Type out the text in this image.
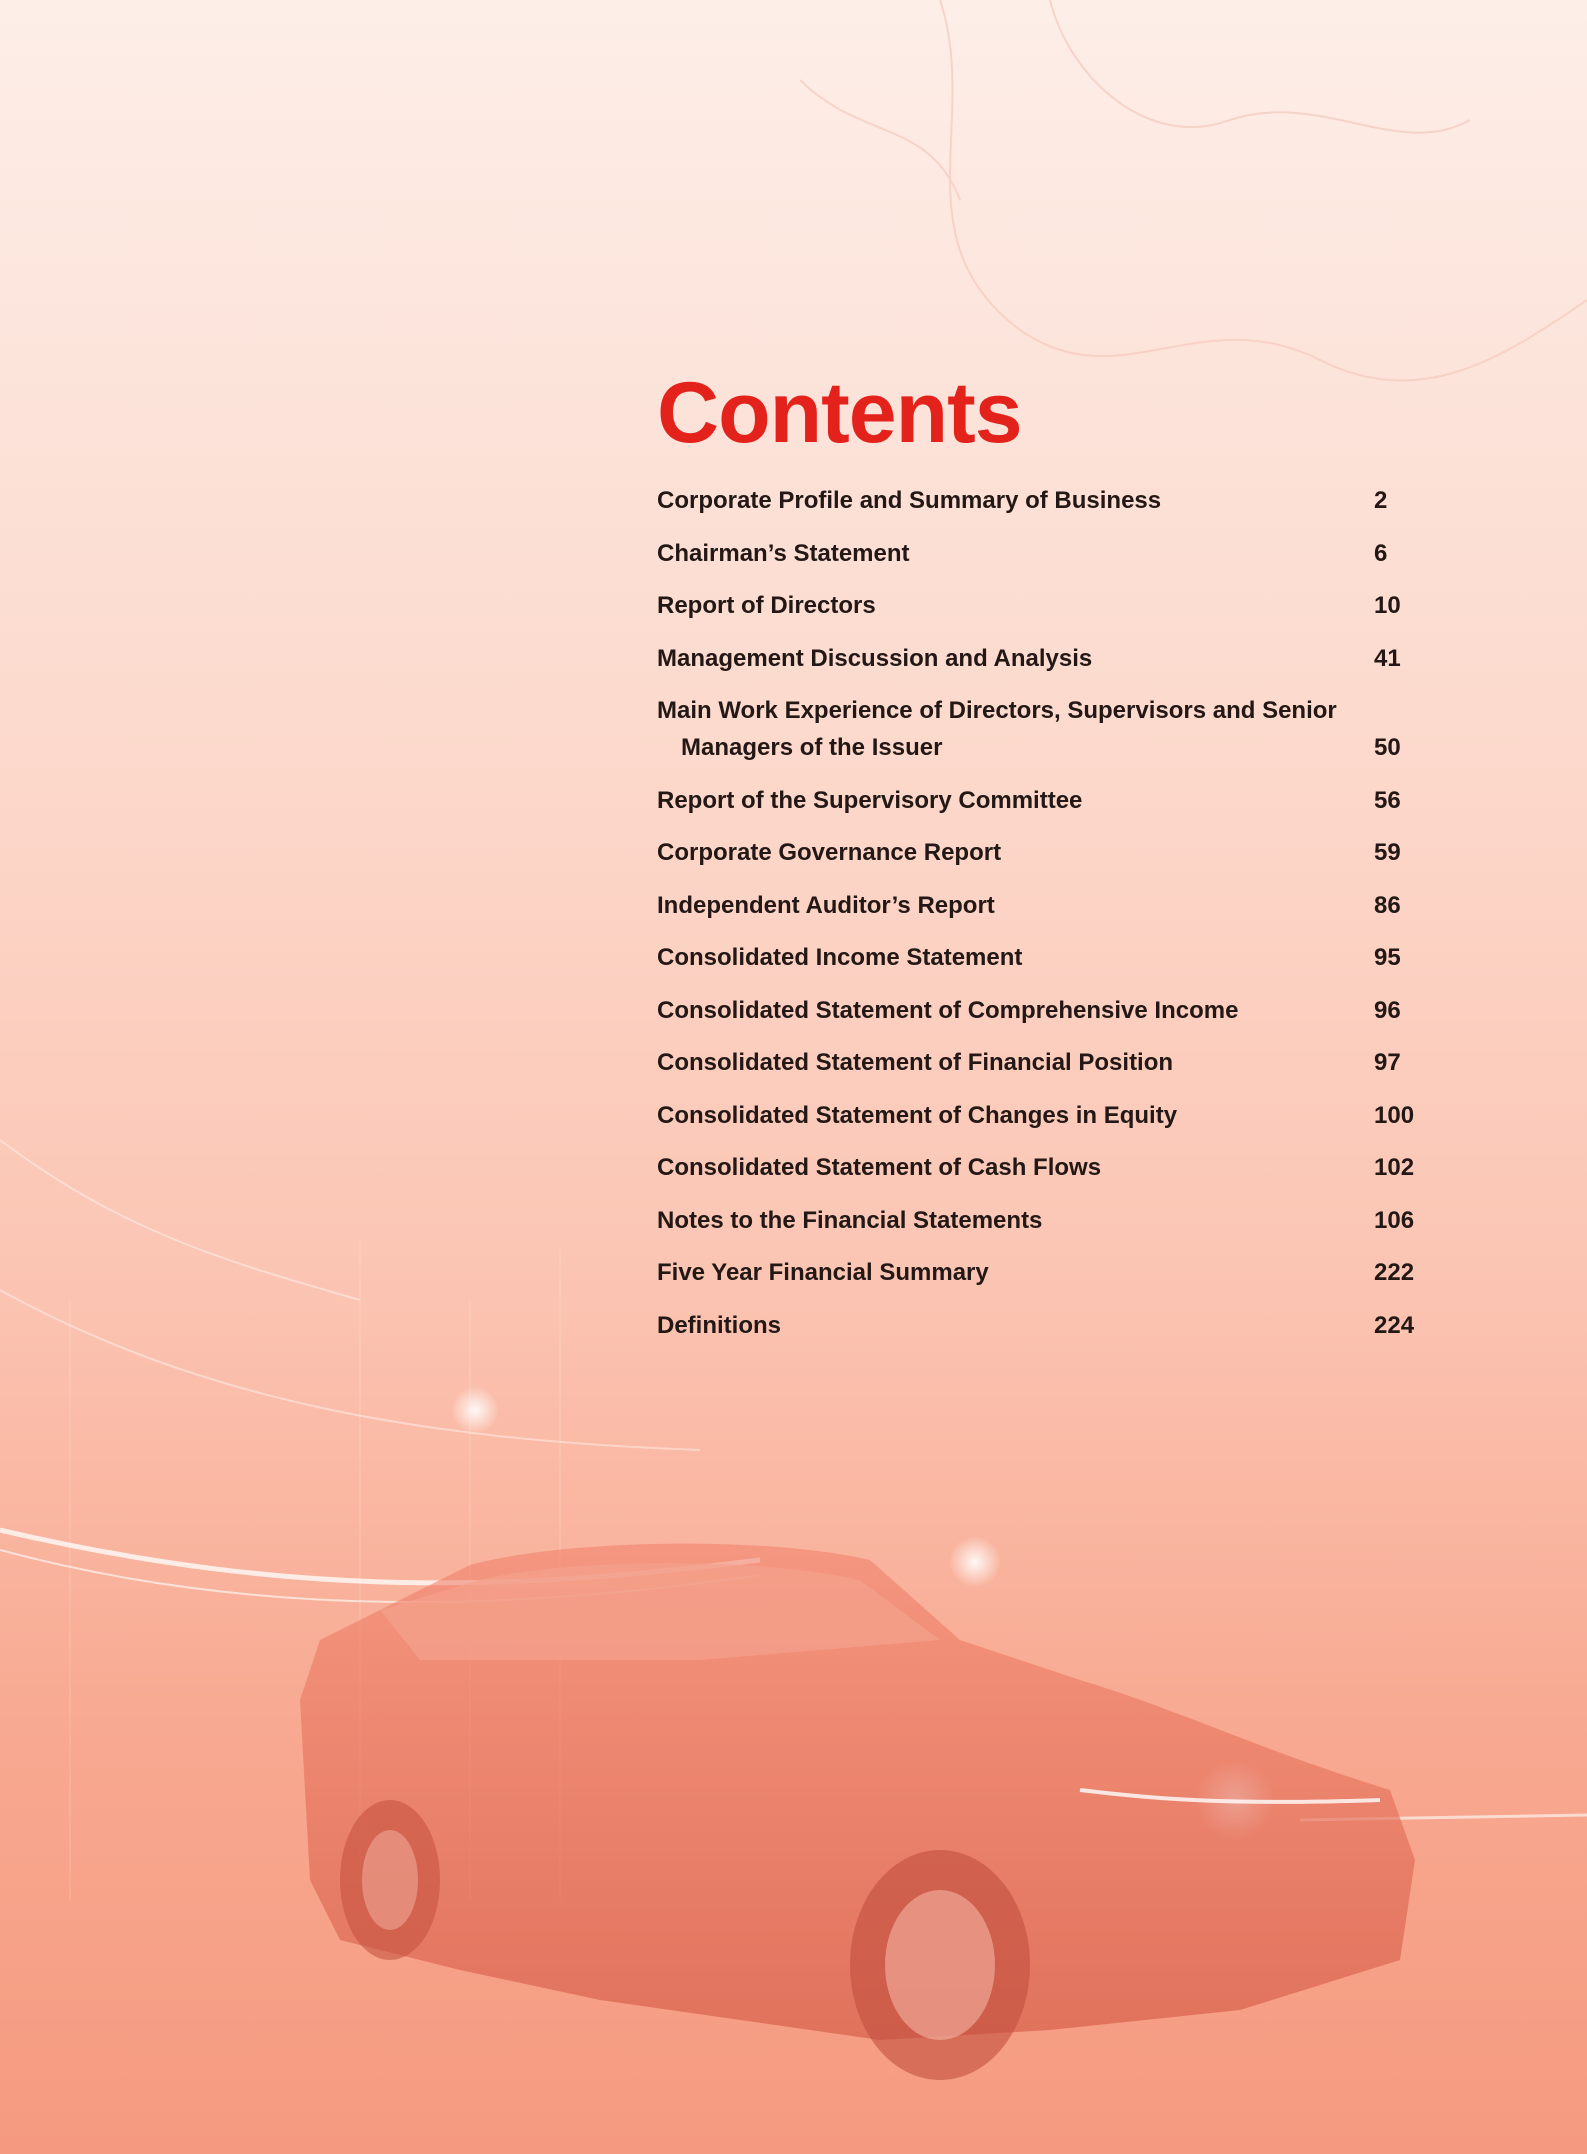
Contents
Corporate Profile and Summary of Business	2
Chairman’s Statement	6
Report of Directors	10
Management Discussion and Analysis	41
Main Work Experience of Directors, Supervisors and Senior
Managers of the Issuer	50
Report of the Supervisory Committee	56
Corporate Governance Report	59
Independent Auditor’s Report	86
Consolidated Income Statement	95
Consolidated Statement of Comprehensive Income	96
Consolidated Statement of Financial Position	97
Consolidated Statement of Changes in Equity	100
Consolidated Statement of Cash Flows	102
Notes to the Financial Statements	106
Five Year Financial Summary	222
Definitions	224
